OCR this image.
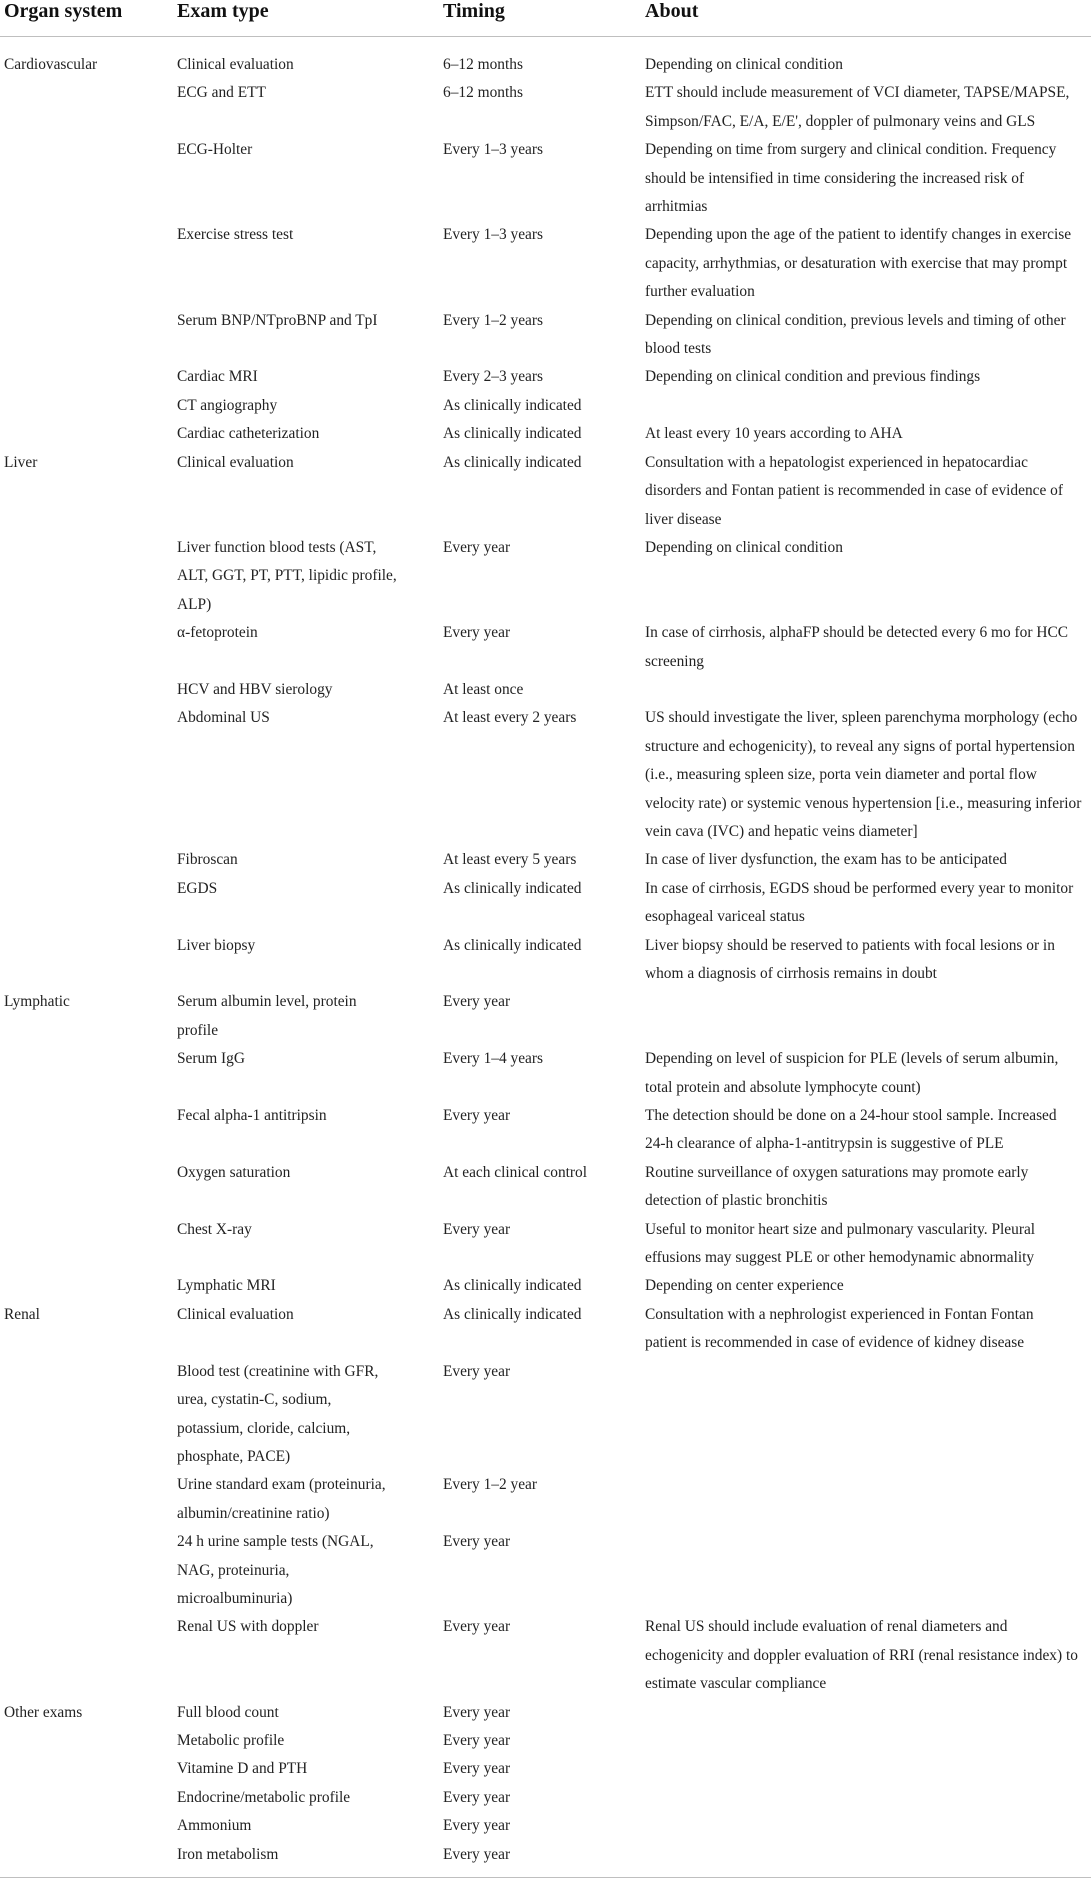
Organ system	Exam type	Timing	About
Cardiovascular	Clinical evaluation	6–12 months	Depending on clinical condition
	ECG and ETT	6–12 months	ETT should include measurement of VCI diameter, TAPSE/MAPSE,
Simpson/FAC, E/A, E/E', doppler of pulmonary veins and GLS
	ECG-Holter	Every 1–3 years	Depending on time from surgery and clinical condition. Frequency
should be intensified in time considering the increased risk of
arrhitmias
	Exercise stress test	Every 1–3 years	Depending upon the age of the patient to identify changes in exercise
capacity, arrhythmias, or desaturation with exercise that may prompt
further evaluation
	Serum BNP/NTproBNP and TpI	Every 1–2 years	Depending on clinical condition, previous levels and timing of other
blood tests
	Cardiac MRI	Every 2–3 years	Depending on clinical condition and previous findings
	CT angiography	As clinically indicated	
	Cardiac catheterization	As clinically indicated	At least every 10 years according to AHA
Liver	Clinical evaluation	As clinically indicated	Consultation with a hepatologist experienced in hepatocardiac
disorders and Fontan patient is recommended in case of evidence of
liver disease
	Liver function blood tests (AST,
ALT, GGT, PT, PTT, lipidic profile,
ALP)	Every year	Depending on clinical condition
	α-fetoprotein	Every year	In case of cirrhosis, alphaFP should be detected every 6 mo for HCC
screening
	HCV and HBV sierology	At least once	
	Abdominal US	At least every 2 years	US should investigate the liver, spleen parenchyma morphology (echo
structure and echogenicity), to reveal any signs of portal hypertension
(i.e., measuring spleen size, porta vein diameter and portal flow
velocity rate) or systemic venous hypertension [i.e., measuring inferior
vein cava (IVC) and hepatic veins diameter]
	Fibroscan	At least every 5 years	In case of liver dysfunction, the exam has to be anticipated
	EGDS	As clinically indicated	In case of cirrhosis, EGDS shoud be performed every year to monitor
esophageal variceal status
	Liver biopsy	As clinically indicated	Liver biopsy should be reserved to patients with focal lesions or in
whom a diagnosis of cirrhosis remains in doubt
Lymphatic	Serum albumin level, protein
profile	Every year	
	Serum IgG	Every 1–4 years	Depending on level of suspicion for PLE (levels of serum albumin,
total protein and absolute lymphocyte count)
	Fecal alpha-1 antitripsin	Every year	The detection should be done on a 24-hour stool sample. Increased
24-h clearance of alpha-1-antitrypsin is suggestive of PLE
	Oxygen saturation	At each clinical control	Routine surveillance of oxygen saturations may promote early
detection of plastic bronchitis
	Chest X-ray	Every year	Useful to monitor heart size and pulmonary vascularity. Pleural
effusions may suggest PLE or other hemodynamic abnormality
	Lymphatic MRI	As clinically indicated	Depending on center experience
Renal	Clinical evaluation	As clinically indicated	Consultation with a nephrologist experienced in Fontan Fontan
patient is recommended in case of evidence of kidney disease
	Blood test (creatinine with GFR,
urea, cystatin-C, sodium,
potassium, cloride, calcium,
phosphate, PACE)	Every year	
	Urine standard exam (proteinuria,
albumin/creatinine ratio)	Every 1–2 year	
	24 h urine sample tests (NGAL,
NAG, proteinuria,
microalbuminuria)	Every year	
	Renal US with doppler	Every year	Renal US should include evaluation of renal diameters and
echogenicity and doppler evaluation of RRI (renal resistance index) to
estimate vascular compliance
Other exams	Full blood count	Every year	
	Metabolic profile	Every year	
	Vitamine D and PTH	Every year	
	Endocrine/metabolic profile	Every year	
	Ammonium	Every year	
	Iron metabolism	Every year	
